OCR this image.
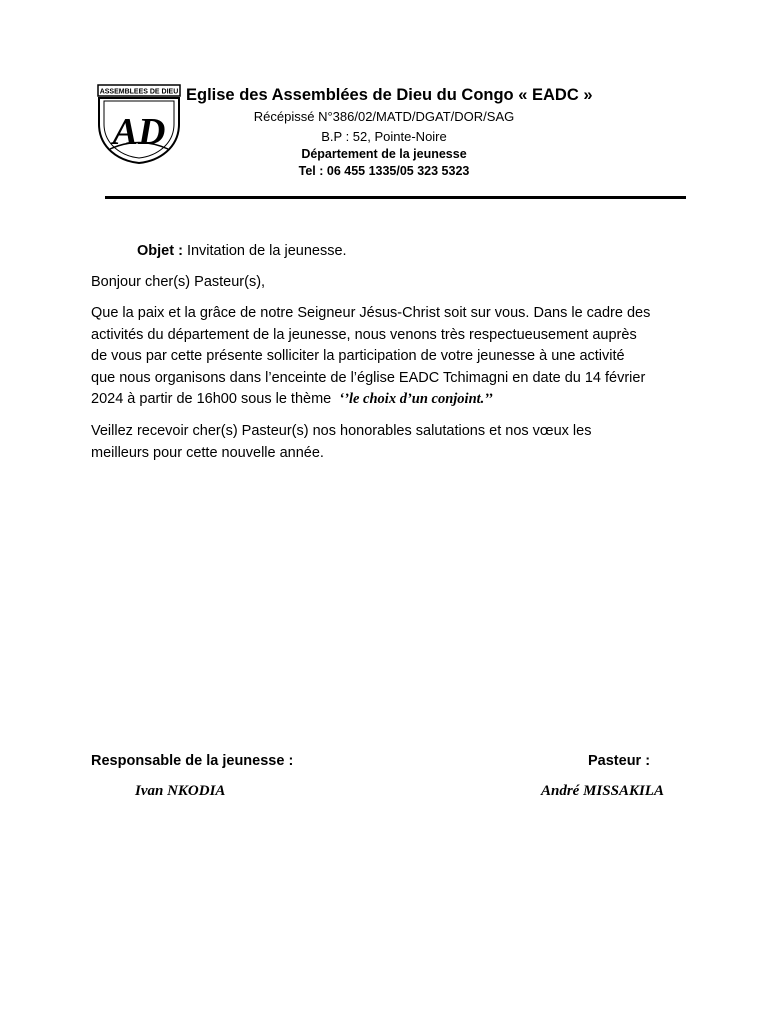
ASSEMBLEES DE DIEU
AD
Eglise des Assemblées de Dieu du Congo « EADC »
Récépissé N°386/02/MATD/DGAT/DOR/SAG
B.P : 52, Pointe-Noire
Département de la jeunesse
Tel : 06 455 1335/05 323 5323
Objet : Invitation de la jeunesse.
Bonjour cher(s) Pasteur(s),
Que la paix et la grâce de notre Seigneur Jésus-Christ soit sur vous. Dans le cadre des
activités du département de la jeunesse, nous venons très respectueusement auprès
de vous par cette présente solliciter la participation de votre jeunesse à une activité
que nous organisons dans l’enceinte de l’église EADC Tchimagni en date du 14 février
2024 à partir de 16h00 sous le thème ‘’le choix d’un conjoint.’’
Veillez recevoir cher(s) Pasteur(s) nos honorables salutations et nos vœux les
meilleurs pour cette nouvelle année.
Responsable de la jeunesse :
Ivan NKODIA
Pasteur :
André MISSAKILA
